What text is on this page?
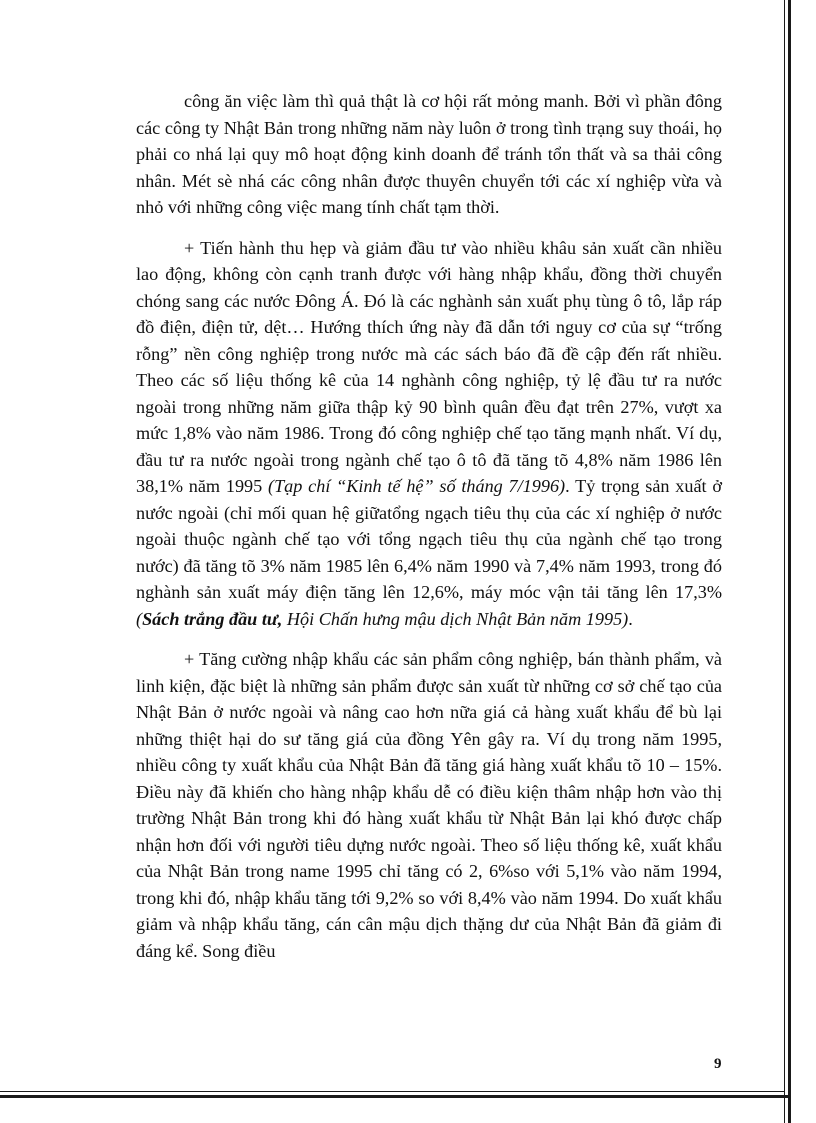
công ăn việc làm thì quả thật là cơ hội rất mỏng manh. Bởi vì phần đông các công ty Nhật Bản trong những năm này luôn ở trong tình trạng suy thoái, họ phải co nhá lại quy mô hoạt động kinh doanh để tránh tổn thất và sa thải công nhân. Mét sè nhá các công nhân được thuyên chuyển tới các xí nghiệp vừa và nhỏ với những công việc mang tính chất tạm thời.

+ Tiến hành thu hẹp và giảm đầu tư vào nhiều khâu sản xuất cần nhiều lao động, không còn cạnh tranh được với hàng nhập khẩu, đồng thời chuyển chóng sang các nước Đông Á. Đó là các nghành sản xuất phụ tùng ô tô, lắp ráp đồ điện, điện tử, dệt… Hướng thích ứng này đã dẫn tới nguy cơ của sự “trống rỗng” nền công nghiệp trong nước mà các sách báo đã đề cập đến rất nhiều. Theo các số liệu thống kê của 14 nghành công nghiệp, tỷ lệ đầu tư ra nước ngoài trong những năm giữa thập kỷ 90 bình quân đều đạt trên 27%, vượt xa mức 1,8% vào năm 1986. Trong đó công nghiệp chế tạo tăng mạnh nhất. Ví dụ, đầu tư ra nước ngoài trong ngành chế tạo ô tô đã tăng tõ 4,8% năm 1986 lên 38,1% năm 1995 (Tạp chí “Kinh tế hệ” số tháng 7/1996). Tỷ trọng sản xuất ở nước ngoài (chỉ mối quan hệ giữatổng ngạch tiêu thụ của các xí nghiệp ở nước ngoài thuộc ngành chế tạo với tổng ngạch tiêu thụ của ngành chế tạo trong nước) đã tăng tõ 3% năm 1985 lên 6,4% năm 1990 và 7,4% năm 1993, trong đó nghành sản xuất máy điện tăng lên 12,6%, máy móc vận tải tăng lên 17,3% (Sách trắng đầu tư, Hội Chấn hưng mậu dịch Nhật Bản năm 1995).

+ Tăng cường nhập khẩu các sản phẩm công nghiệp, bán thành phẩm, và linh kiện, đặc biệt là những sản phẩm được sản xuất từ những cơ sở chế tạo của Nhật Bản ở nước ngoài và nâng cao hơn nữa giá cả hàng xuất khẩu để bù lại những thiệt hại do sư tăng giá của đồng Yên gây ra. Ví dụ trong năm 1995, nhiều công ty xuất khẩu của Nhật Bản đã tăng giá hàng xuất khẩu tõ 10 – 15%. Điều này đã khiến cho hàng nhập khẩu dễ có điều kiện thâm nhập hơn vào thị trường Nhật Bản trong khi đó hàng xuất khẩu từ Nhật Bản lại khó được chấp nhận hơn đối với người tiêu dựng nước ngoài. Theo số liệu thống kê, xuất khẩu của Nhật Bản trong name 1995 chỉ tăng có 2, 6%so với 5,1% vào năm 1994, trong khi đó, nhập khẩu tăng tới 9,2% so với 8,4% vào năm 1994. Do xuất khẩu giảm và nhập khẩu tăng, cán cân mậu dịch thặng dư của Nhật Bản đã giảm đi đáng kể. Song điều

9
